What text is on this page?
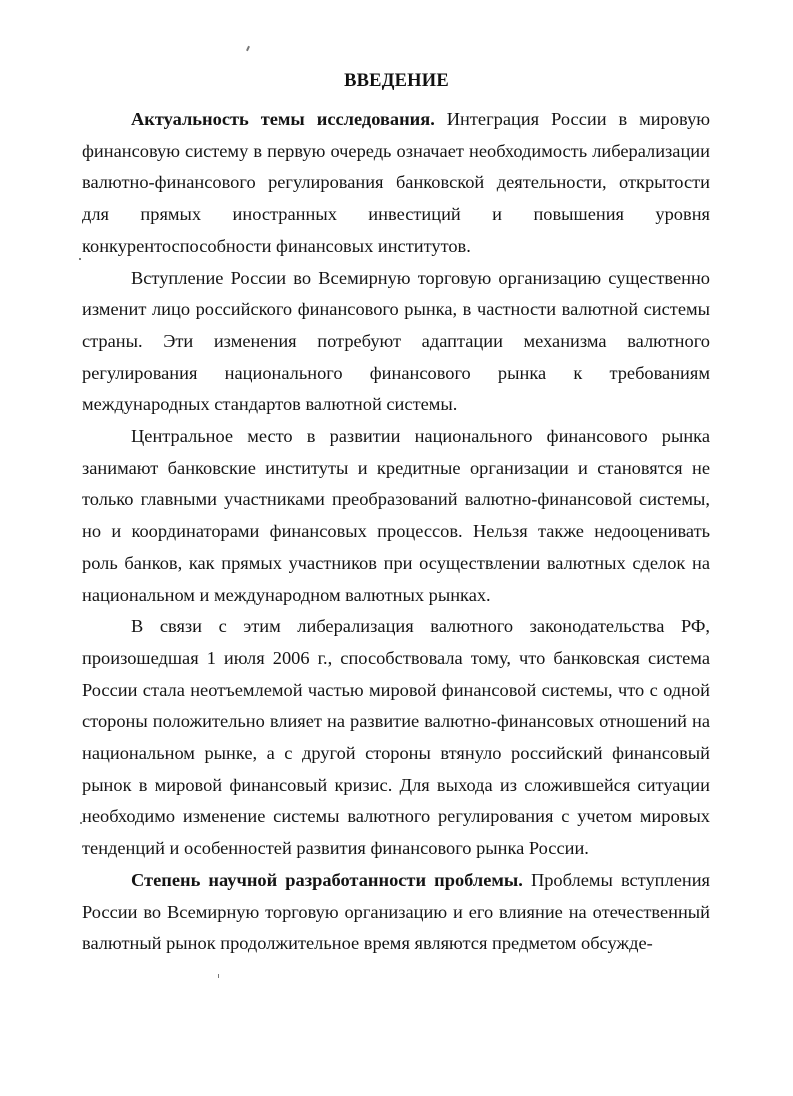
ВВЕДЕНИЕ

Актуальность темы исследования. Интеграция России в мировую финансовую систему в первую очередь означает необходимость либерализации валютно-финансового регулирования банковской деятельности, открытости для прямых иностранных инвестиций и повышения уровня конкурентоспособности финансовых институтов.

Вступление России во Всемирную торговую организацию существенно изменит лицо российского финансового рынка, в частности валютной системы страны. Эти изменения потребуют адаптации механизма валютного регулирования национального финансового рынка к требованиям международных стандартов валютной системы.

Центральное место в развитии национального финансового рынка занимают банковские институты и кредитные организации и становятся не только главными участниками преобразований валютно-финансовой системы, но и координаторами финансовых процессов. Нельзя также недооценивать роль банков, как прямых участников при осуществлении валютных сделок на национальном и международном валютных рынках.

В связи с этим либерализация валютного законодательства РФ, произошедшая 1 июля 2006 г., способствовала тому, что банковская система России стала неотъемлемой частью мировой финансовой системы, что с одной стороны положительно влияет на развитие валютно-финансовых отношений на национальном рынке, а с другой стороны втянуло российский финансовый рынок в мировой финансовый кризис. Для выхода из сложившейся ситуации необходимо изменение системы валютного регулирования с учетом мировых тенденций и особенностей развития финансового рынка России.

Степень научной разработанности проблемы. Проблемы вступления России во Всемирную торговую организацию и его влияние на отечественный валютный рынок продолжительное время являются предметом обсужде-
